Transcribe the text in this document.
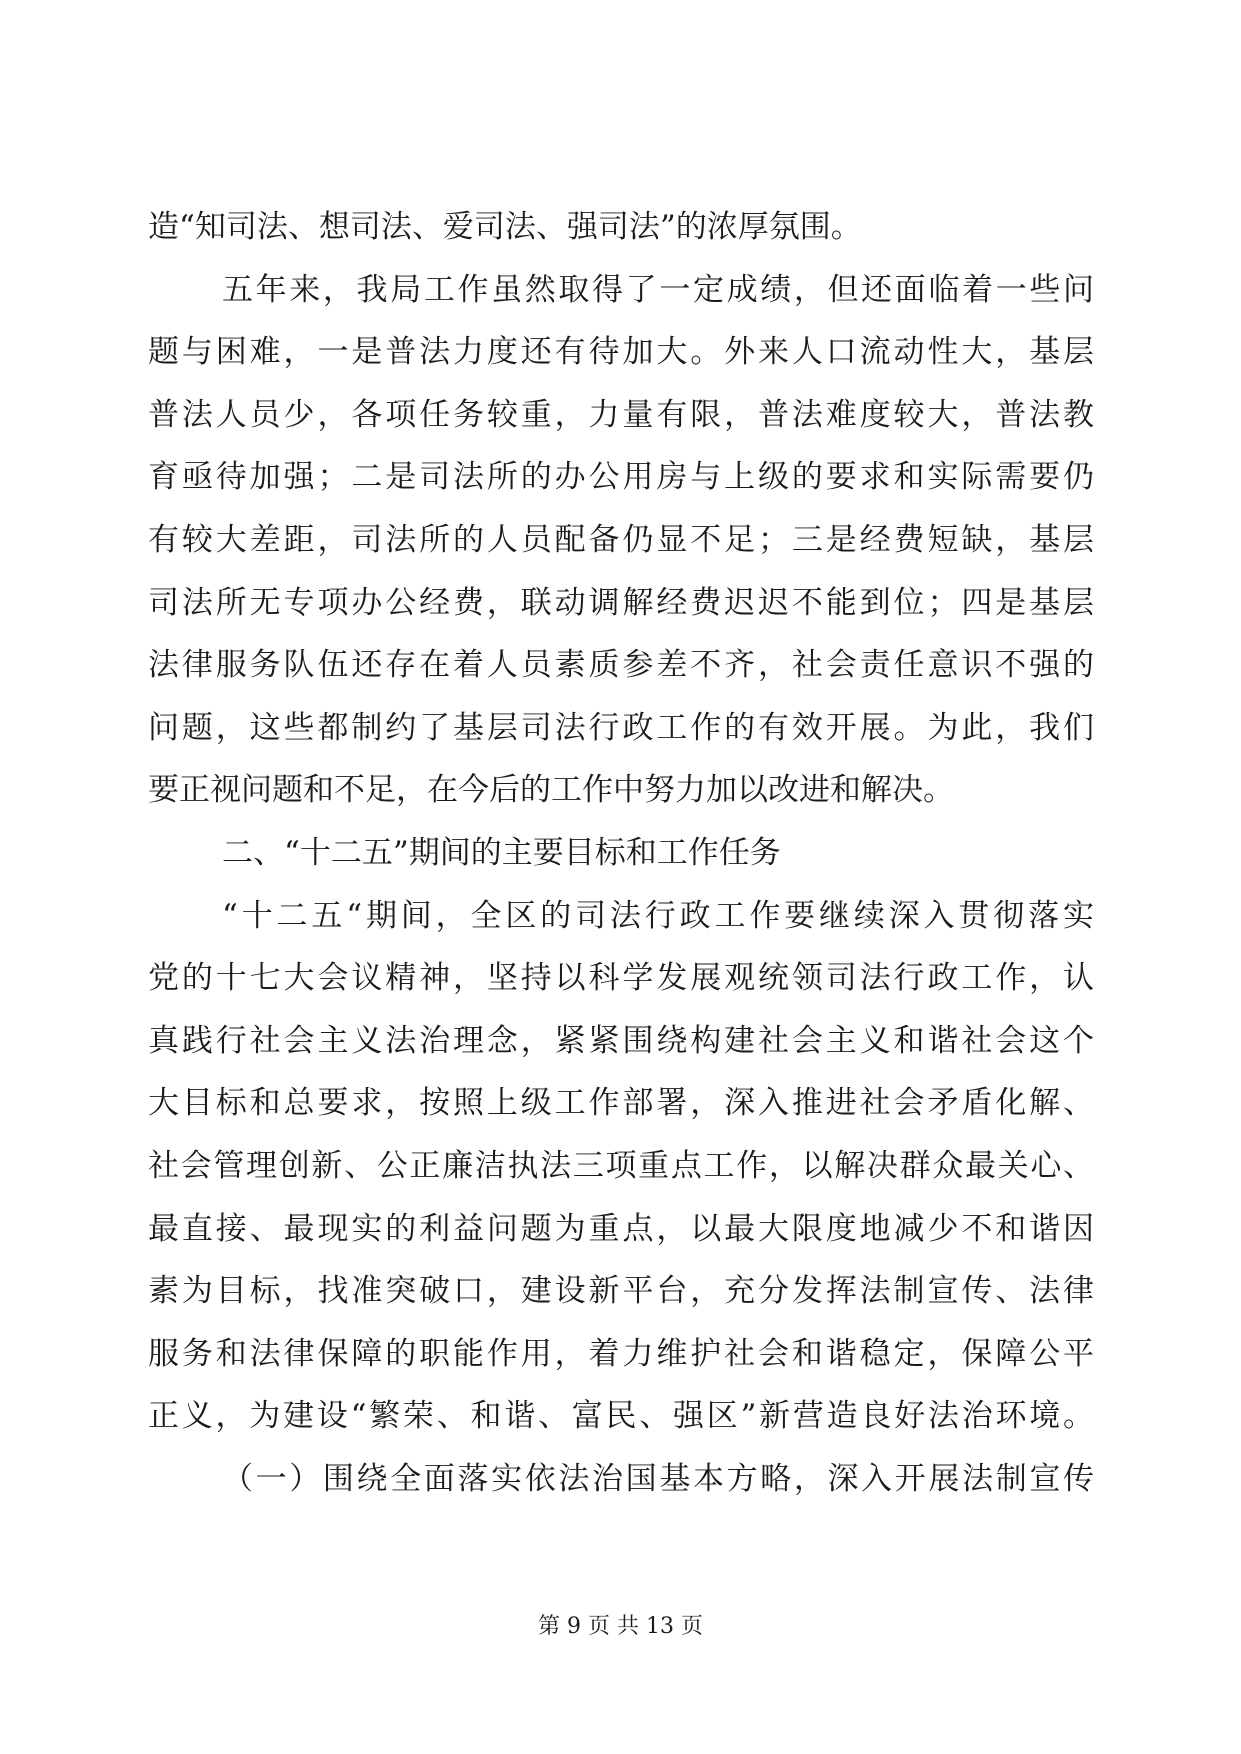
造“知司法、想司法、爱司法、强司法”的浓厚氛围。
五年来，我局工作虽然取得了一定成绩，但还面临着一些问
题与困难，一是普法力度还有待加大。外来人口流动性大，基层
普法人员少，各项任务较重，力量有限，普法难度较大，普法教
育亟待加强；二是司法所的办公用房与上级的要求和实际需要仍
有较大差距，司法所的人员配备仍显不足；三是经费短缺，基层
司法所无专项办公经费，联动调解经费迟迟不能到位；四是基层
法律服务队伍还存在着人员素质参差不齐，社会责任意识不强的
问题，这些都制约了基层司法行政工作的有效开展。为此，我们
要正视问题和不足，在今后的工作中努力加以改进和解决。
二、“十二五”期间的主要目标和工作任务
“十二五“期间，全区的司法行政工作要继续深入贯彻落实
党的十七大会议精神，坚持以科学发展观统领司法行政工作，认
真践行社会主义法治理念，紧紧围绕构建社会主义和谐社会这个
大目标和总要求，按照上级工作部署，深入推进社会矛盾化解、
社会管理创新、公正廉洁执法三项重点工作，以解决群众最关心、
最直接、最现实的利益问题为重点，以最大限度地减少不和谐因
素为目标，找准突破口，建设新平台，充分发挥法制宣传、法律
服务和法律保障的职能作用，着力维护社会和谐稳定，保障公平
正义，为建设“繁荣、和谐、富民、强区”新营造良好法治环境。
（一）围绕全面落实依法治国基本方略，深入开展法制宣传
第 9 页 共 13 页
